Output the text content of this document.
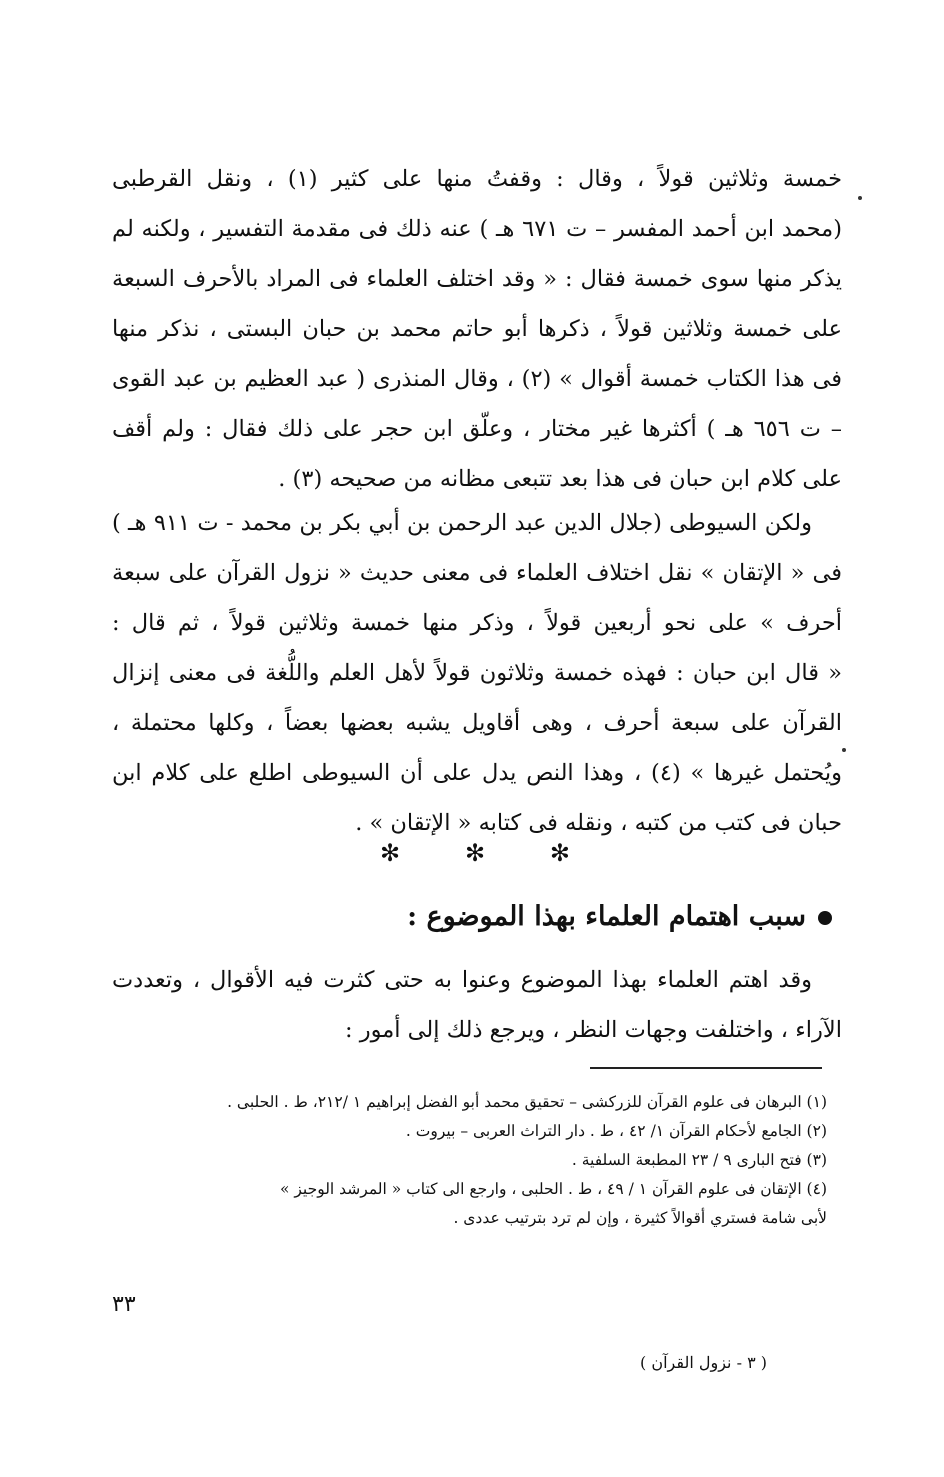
خمسة وثلاثين قولاً ، وقال : وقفتُ منها على كثير (١) ، ونقل القرطبى
(محمد ابن أحمد المفسر – ت ٦٧١ هـ ) عنه ذلك فى مقدمة التفسير ، ولكنه لم
يذكر منها سوى خمسة فقال : « وقد اختلف العلماء فى المراد بالأحرف السبعة
على خمسة وثلاثين قولاً ، ذكرها أبو حاتم محمد بن حبان البستى ، نذكر منها
فى هذا الكتاب خمسة أقوال » (٢) ، وقال المنذرى ( عبد العظيم بن عبد القوى
– ت ٦٥٦ هـ ) أكثرها غير مختار ، وعلّق ابن حجر على ذلك فقال : ولم أقف
على كلام ابن حبان فى هذا بعد تتبعى مظانه من صحيحه (٣) .
ولكن السيوطى (جلال الدين عبد الرحمن بن أبي بكر بن محمد - ت ٩١١ هـ )
فى « الإتقان » نقل اختلاف العلماء فى معنى حديث « نزول القرآن على سبعة
أحرف » على نحو أربعين قولاً ، وذكر منها خمسة وثلاثين قولاً ، ثم قال :
« قال ابن حبان : فهذه خمسة وثلاثون قولاً لأهل العلم واللُّغة فى معنى إنزال
القرآن على سبعة أحرف ، وهى أقاويل يشبه بعضها بعضاً ، وكلها محتملة ،
ويُحتمل غيرها » (٤) ، وهذا النص يدل على أن السيوطى اطلع على كلام ابن
حبان فى كتب من كتبه ، ونقله فى كتابه « الإتقان » .
✻	✻	✻
سبب اهتمام العلماء بهذا الموضوع :
وقد اهتم العلماء بهذا الموضوع وعنوا به حتى كثرت فيه الأقوال ، وتعددت
الآراء ، واختلفت وجهات النظر ، ويرجع ذلك إلى أمور :
(١) البرهان فى علوم القرآن للزركشى – تحقيق محمد أبو الفضل إبراهيم ١ /٢١٢، ط . الحلبى .
(٢) الجامع لأحكام القرآن ١/ ٤٢ ، ط . دار التراث العربى – بيروت .
(٣) فتح البارى ٩ / ٢٣ المطبعة السلفية .
(٤) الإتقان فى علوم القرآن ١ / ٤٩ ، ط . الحلبى ، وارجع الى كتاب « المرشد الوجيز »
لأبى شامة فستري أقوالاً كثيرة ، وإن لم ترد بترتيب عددى .
٣٣
( ٣ - نزول القرآن )
